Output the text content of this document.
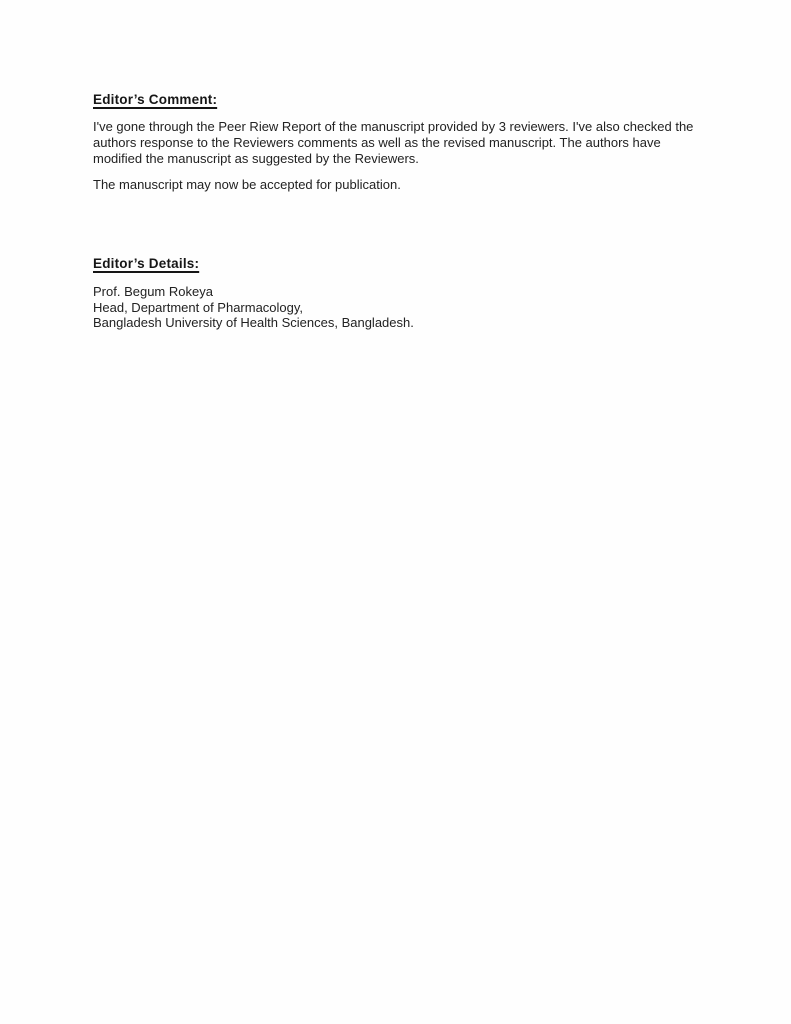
Editor’s Comment:
I've gone through the Peer Riew Report of the manuscript provided by 3 reviewers. I've also checked the authors response to the Reviewers comments as well as the revised manuscript. The authors have modified the manuscript as suggested by the Reviewers.
The manuscript may now be accepted for publication.
Editor’s Details:
Prof. Begum Rokeya
Head, Department of Pharmacology,
Bangladesh University of Health Sciences, Bangladesh.
